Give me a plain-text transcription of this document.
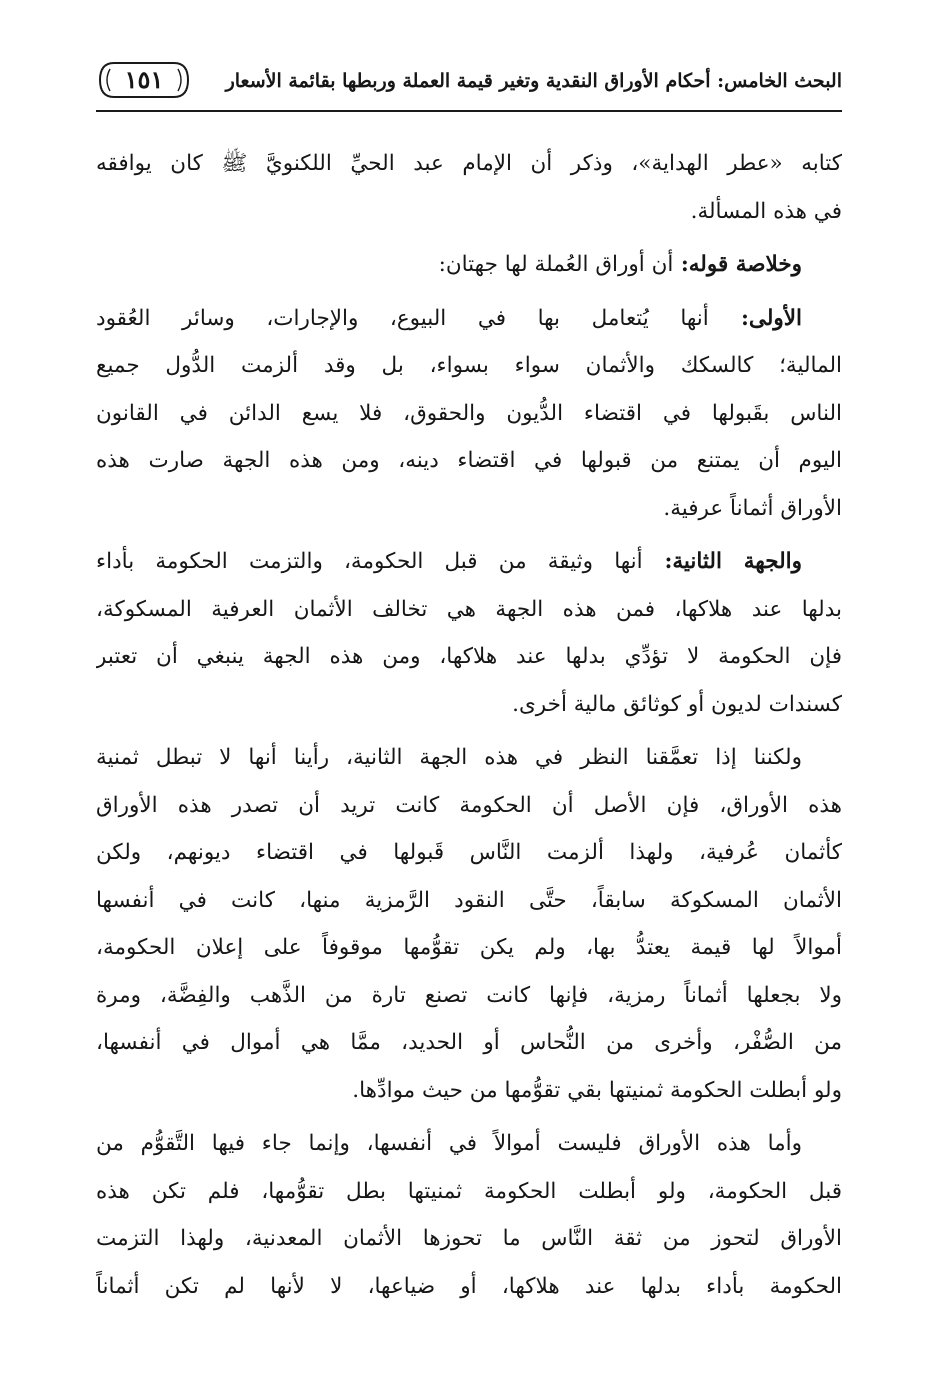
البحث الخامس: أحكام الأوراق النقدية وتغير قيمة العملة وربطها بقائمة الأسعار
١٥١
كتابه «عطر الهداية»، وذكر أن الإمام عبد الحيِّ اللكنويَّ ﷺ كان يوافقه
في هذه المسألة.
وخلاصة قوله: أن أوراق العُملة لها جهتان:
الأولى: أنها يُتعامل بها في البيوع، والإجارات، وسائر العُقود
المالية؛ كالسكك والأثمان سواء بسواء، بل وقد ألزمت الدُّول جميع
الناس بقَبولها في اقتضاء الدُّيون والحقوق، فلا يسع الدائن في القانون
اليوم أن يمتنع من قبولها في اقتضاء دينه، ومن هذه الجهة صارت هذه
الأوراق أثماناً عرفية.
والجهة الثانية: أنها وثيقة من قبل الحكومة، والتزمت الحكومة بأداء
بدلها عند هلاكها، فمن هذه الجهة هي تخالف الأثمان العرفية المسكوكة،
فإن الحكومة لا تؤدِّي بدلها عند هلاكها، ومن هذه الجهة ينبغي أن تعتبر
كسندات لديون أو كوثائق مالية أخرى.
ولكننا إذا تعمَّقنا النظر في هذه الجهة الثانية، رأينا أنها لا تبطل ثمنية
هذه الأوراق، فإن الأصل أن الحكومة كانت تريد أن تصدر هذه الأوراق
كأثمان عُرفية، ولهذا ألزمت النَّاس قَبولها في اقتضاء ديونهم، ولكن
الأثمان المسكوكة سابقاً، حتَّى النقود الرَّمزية منها، كانت في أنفسها
أموالاً لها قيمة يعتدُّ بها، ولم يكن تقوُّمها موقوفاً على إعلان الحكومة،
ولا بجعلها أثماناً رمزية، فإنها كانت تصنع تارة من الذَّهب والفِضَّة، ومرة
من الصُّفْر، وأخرى من النُّحاس أو الحديد، ممَّا هي أموال في أنفسها،
ولو أبطلت الحكومة ثمنيتها بقي تقوُّمها من حيث موادِّها.
وأما هذه الأوراق فليست أموالاً في أنفسها، وإنما جاء فيها التَّقوُّم من
قبل الحكومة، ولو أبطلت الحكومة ثمنيتها بطل تقوُّمها، فلم تكن هذه
الأوراق لتحوز من ثقة النَّاس ما تحوزها الأثمان المعدنية، ولهذا التزمت
الحكومة بأداء بدلها عند هلاكها، أو ضياعها، لا لأنها لم تكن أثماناً
